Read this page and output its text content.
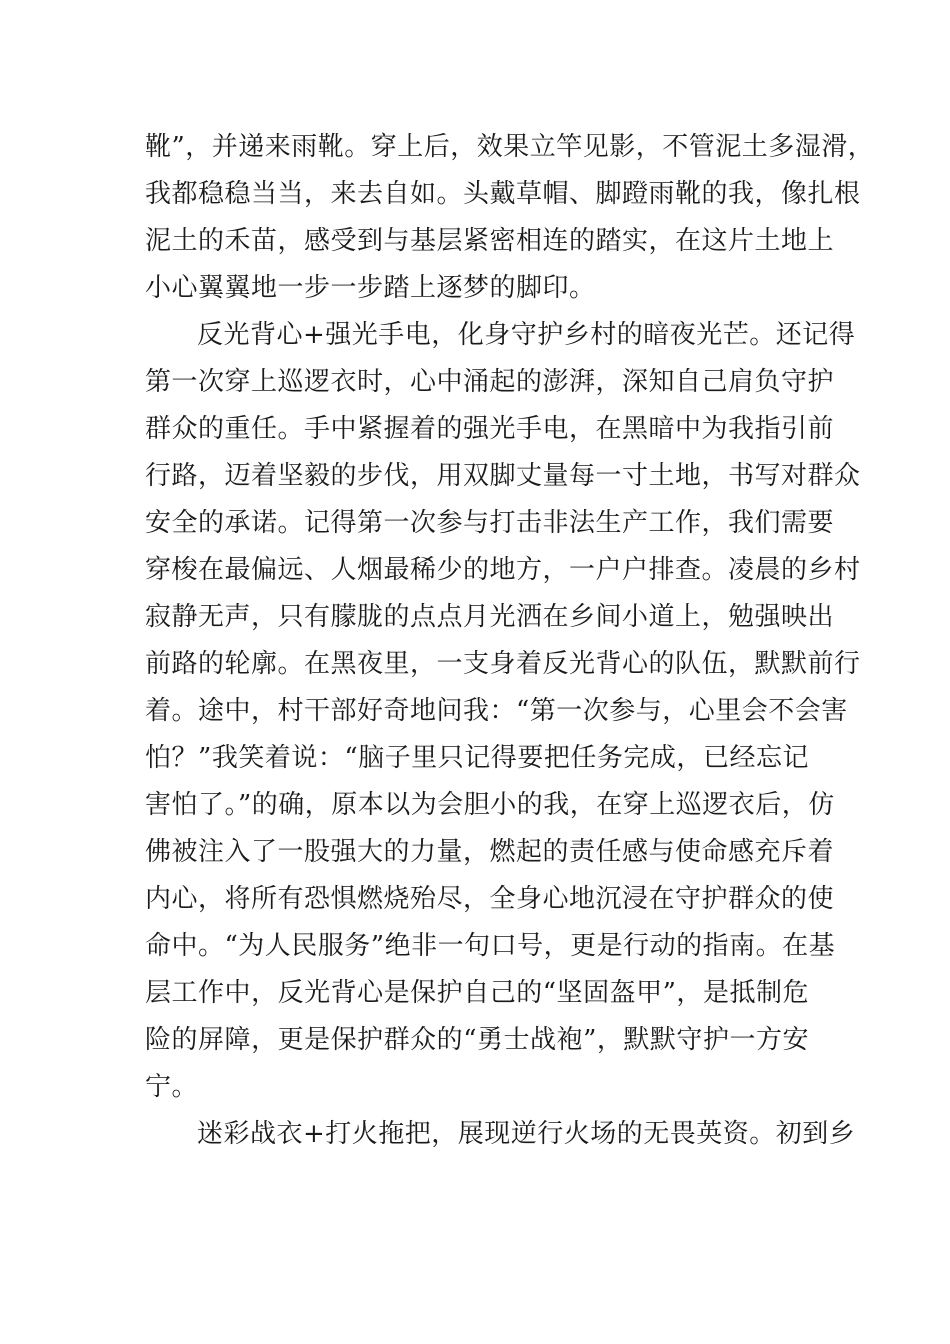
靴”，并递来雨靴。穿上后，效果立竿见影，不管泥土多湿滑，
我都稳稳当当，来去自如。头戴草帽、脚蹬雨靴的我，像扎根
泥土的禾苗，感受到与基层紧密相连的踏实，在这片土地上
小心翼翼地一步一步踏上逐梦的脚印。
反光背心+强光手电，化身守护乡村的暗夜光芒。还记得
第一次穿上巡逻衣时，心中涌起的澎湃，深知自己肩负守护
群众的重任。手中紧握着的强光手电，在黑暗中为我指引前
行路，迈着坚毅的步伐，用双脚丈量每一寸土地，书写对群众
安全的承诺。记得第一次参与打击非法生产工作，我们需要
穿梭在最偏远、人烟最稀少的地方，一户户排查。凌晨的乡村
寂静无声，只有朦胧的点点月光洒在乡间小道上，勉强映出
前路的轮廓。在黑夜里，一支身着反光背心的队伍，默默前行
着。途中，村干部好奇地问我：“第一次参与，心里会不会害
怕？”我笑着说：“脑子里只记得要把任务完成，已经忘记
害怕了。”的确，原本以为会胆小的我，在穿上巡逻衣后，仿
佛被注入了一股强大的力量，燃起的责任感与使命感充斥着
内心，将所有恐惧燃烧殆尽，全身心地沉浸在守护群众的使
命中。“为人民服务”绝非一句口号，更是行动的指南。在基
层工作中，反光背心是保护自己的“坚固盔甲”，是抵制危
险的屏障，更是保护群众的“勇士战袍”，默默守护一方安
宁。
迷彩战衣+打火拖把，展现逆行火场的无畏英资。初到乡
